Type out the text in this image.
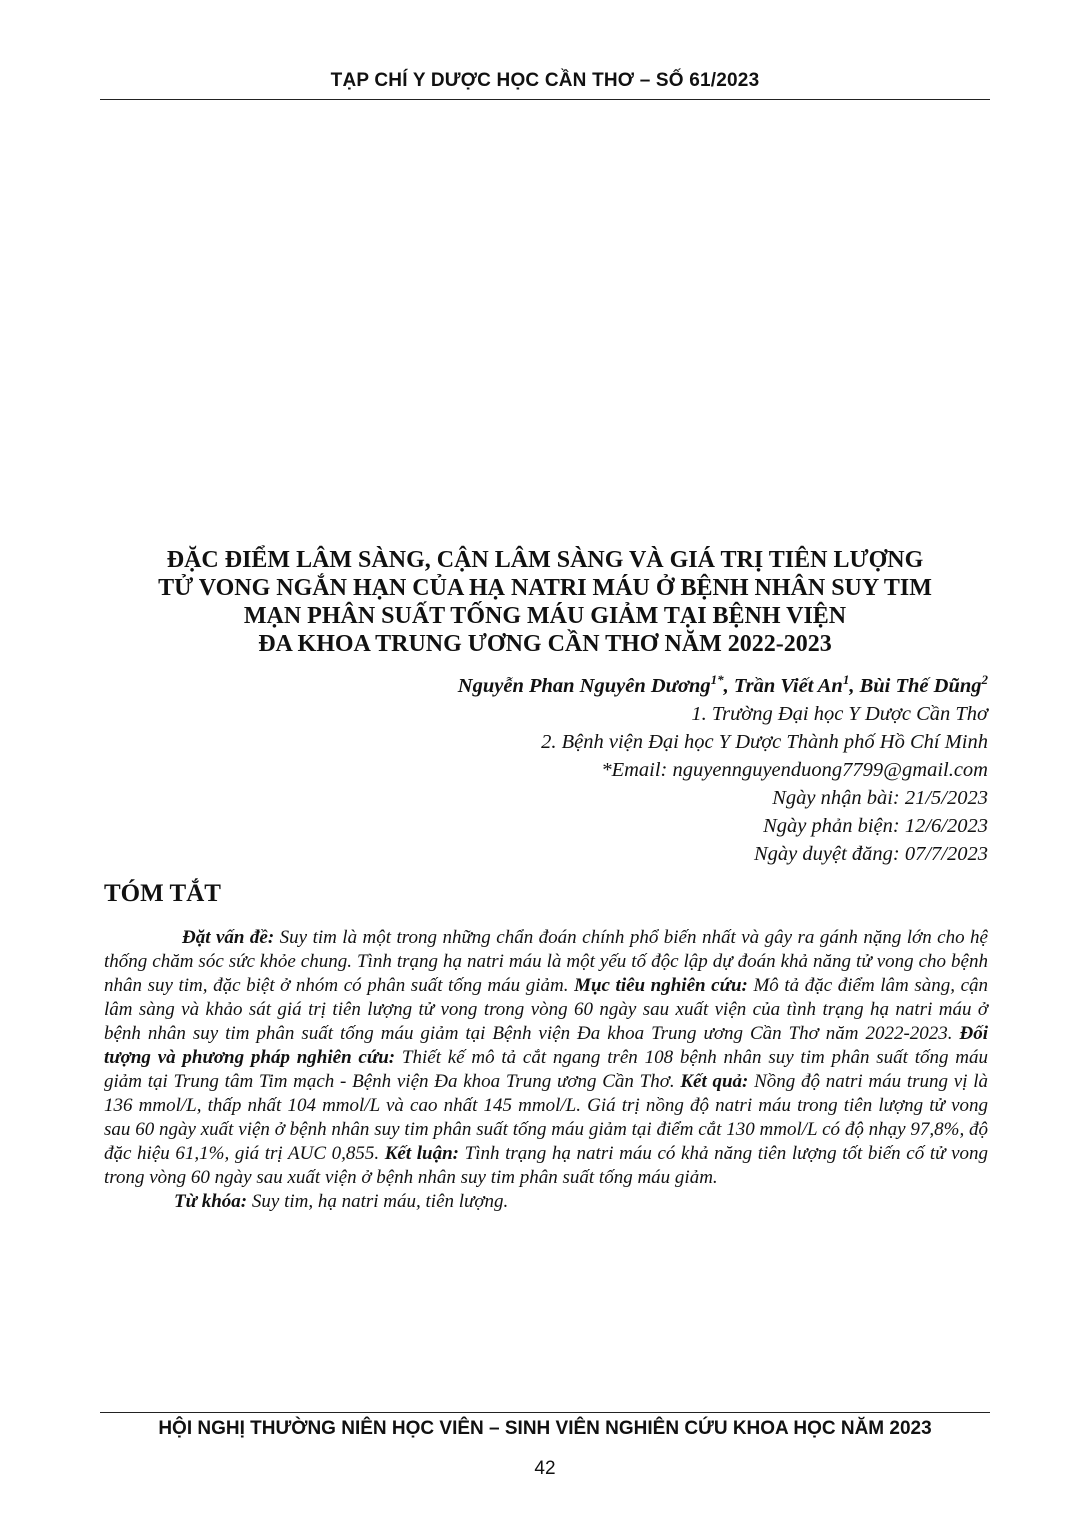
TẠP CHÍ Y DƯỢC HỌC CẦN THƠ – SỐ 61/2023
ĐẶC ĐIỂM LÂM SÀNG, CẬN LÂM SÀNG VÀ GIÁ TRỊ TIÊN LƯỢNG
TỬ VONG NGẮN HẠN CỦA HẠ NATRI MÁU Ở BỆNH NHÂN SUY TIM
MẠN PHÂN SUẤT TỐNG MÁU GIẢM TẠI BỆNH VIỆN
ĐA KHOA TRUNG ƯƠNG CẦN THƠ NĂM 2022-2023
Nguyễn Phan Nguyên Dương$^{1*}$, Trần Viết An$^1$, Bùi Thế Dũng$^2$
1. Trường Đại học Y Dược Cần Thơ
2. Bệnh viện Đại học Y Dược Thành phố Hồ Chí Minh
*Email: nguyennguyenduong7799@gmail.com
Ngày nhận bài: 21/5/2023
Ngày phản biện: 12/6/2023
Ngày duyệt đăng: 07/7/2023
TÓM TẮT

Đặt vấn đề: Suy tim là một trong những chẩn đoán chính phổ biến nhất và gây ra gánh nặng lớn cho hệ thống chăm sóc sức khỏe chung. Tình trạng hạ natri máu là một yếu tố độc lập dự đoán khả năng tử vong cho bệnh nhân suy tim, đặc biệt ở nhóm có phân suất tống máu giảm. Mục tiêu nghiên cứu: Mô tả đặc điểm lâm sàng, cận lâm sàng và khảo sát giá trị tiên lượng tử vong trong vòng 60 ngày sau xuất viện của tình trạng hạ natri máu ở bệnh nhân suy tim phân suất tống máu giảm tại Bệnh viện Đa khoa Trung ương Cần Thơ năm 2022-2023. Đối tượng và phương pháp nghiên cứu: Thiết kế mô tả cắt ngang trên 108 bệnh nhân suy tim phân suất tống máu giảm tại Trung tâm Tim mạch - Bệnh viện Đa khoa Trung ương Cần Thơ. Kết quả: Nồng độ natri máu trung vị là 136 mmol/L, thấp nhất 104 mmol/L và cao nhất 145 mmol/L. Giá trị nồng độ natri máu trong tiên lượng tử vong sau 60 ngày xuất viện ở bệnh nhân suy tim phân suất tống máu giảm tại điểm cắt 130 mmol/L có độ nhạy 97,8%, độ đặc hiệu 61,1%, giá trị AUC 0,855. Kết luận: Tình trạng hạ natri máu có khả năng tiên lượng tốt biến cố tử vong trong vòng 60 ngày sau xuất viện ở bệnh nhân suy tim phân suất tống máu giảm.

Từ khóa: Suy tim, hạ natri máu, tiên lượng.

HỘI NGHỊ THƯỜNG NIÊN HỌC VIÊN – SINH VIÊN NGHIÊN CỨU KHOA HỌC NĂM 2023
42
